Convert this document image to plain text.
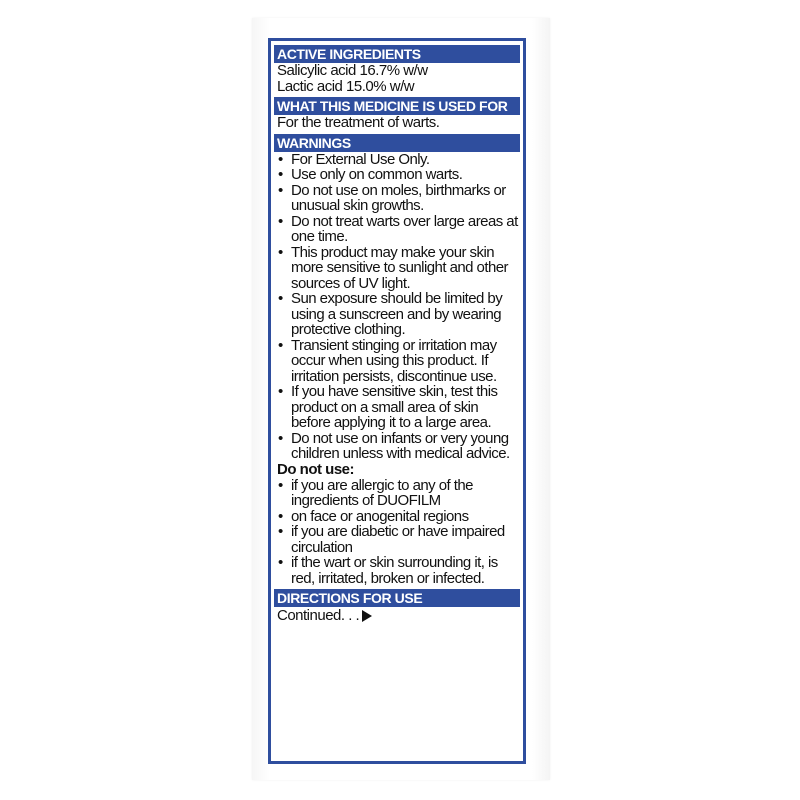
ACTIVE INGREDIENTS
Salicylic acid 16.7% w/w
Lactic acid 15.0% w/w
WHAT THIS MEDICINE IS USED FOR
For the treatment of warts.
WARNINGS
• For External Use Only.
• Use only on common warts.
• Do not use on moles, birthmarks or unusual skin growths.
• Do not treat warts over large areas at one time.
• This product may make your skin more sensitive to sunlight and other sources of UV light.
• Sun exposure should be limited by using a sunscreen and by wearing protective clothing.
• Transient stinging or irritation may occur when using this product. If irritation persists, discontinue use.
• If you have sensitive skin, test this product on a small area of skin before applying it to a large area.
• Do not use on infants or very young children unless with medical advice.
Do not use:
• if you are allergic to any of the ingredients of DUOFILM
• on face or anogenital regions
• if you are diabetic or have impaired circulation
• if the wart or skin surrounding it, is red, irritated, broken or infected.
DIRECTIONS FOR USE
Continued. . .
